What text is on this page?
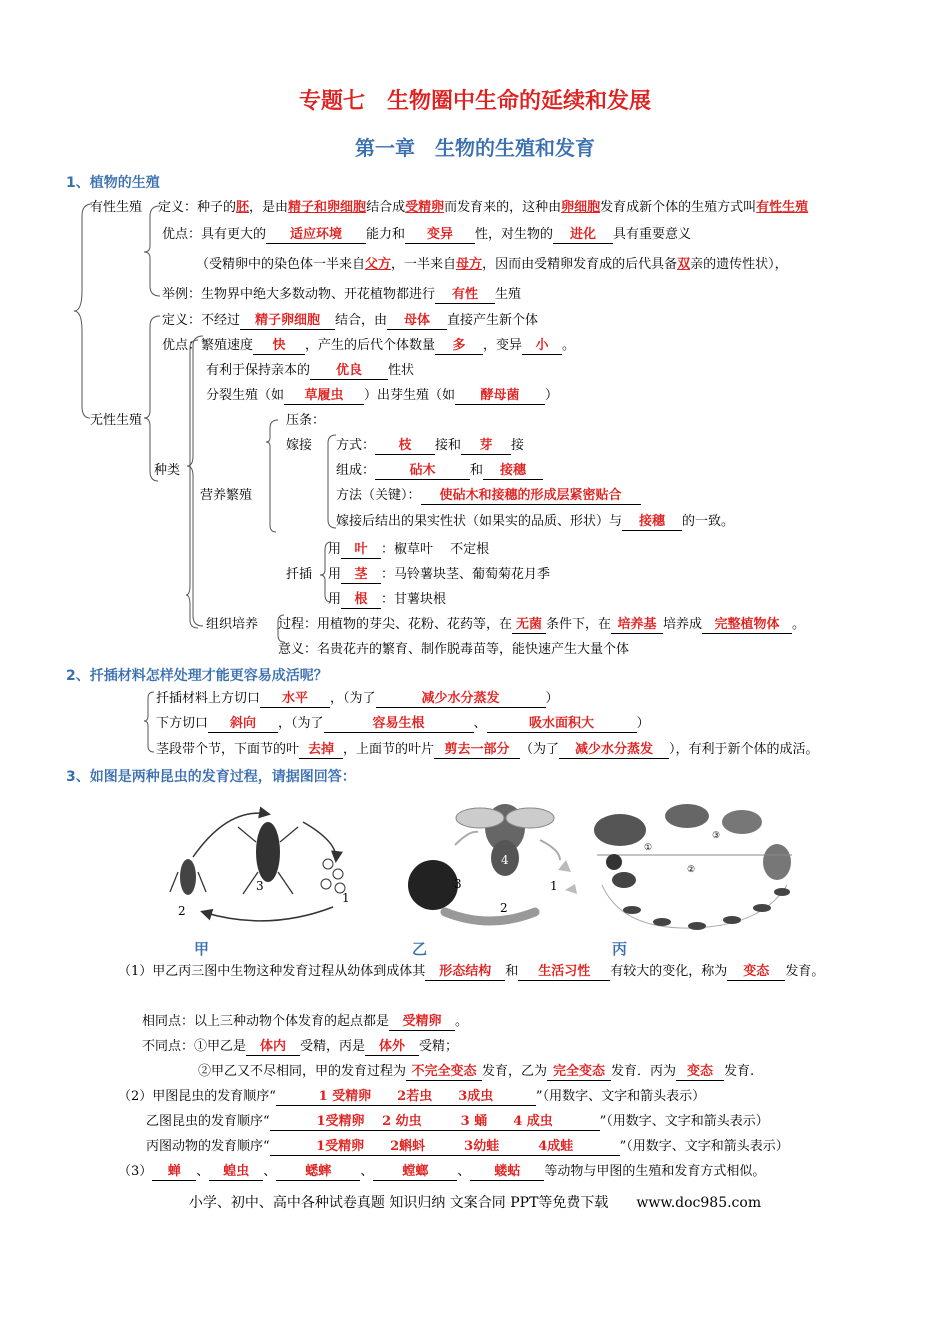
专题七　生物圈中生命的延续和发展
第一章　生物的生殖和发育
1、植物的生殖
有性生殖 定义：种子的胚，是由精子和卵细胞结合成受精卵而发育来的，这种由卵细胞发育成新个体的生殖方式叫有性生殖
优点：具有更大的 适应环境 能力和 变异 性，对生物的 进化 具有重要意义
（受精卵中的染色体一半来自父方，一半来自母方，因而由受精卵发育成的后代具备双亲的遗传性状），
举例：生物界中绝大多数动物、开花植物都进行 有性 生殖
无性生殖
定义：不经过 精子卵细胞 结合，由 母体 直接产生新个体
优点：繁殖速度 快 ，产生的后代个体数量 多 ，变异 小 。
有利于保持亲本的 优良 性状
种类
分裂生殖（如 草履虫 ）出芽生殖（如 酵母菌 ）
营养繁殖
压条：
嫁接 方式： 枝 接和 芽 接
组成：	砧木	和 接穗
方法（关键）： 使砧木和接穗的形成层紧密贴合
嫁接后结出的果实性状（如果实的品质、形状）与 接穗 的一致。
扦插
用 叶 ：椒草叶　 不定根
用 茎 ：马铃薯块茎、葡萄菊花月季
用 根 ：甘薯块根
组织培养 过程：用植物的芽尖、花粉、花药等，在 无菌 条件下，在 培养基 培养成 完整植物体 。
意义：名贵花卉的繁育、制作脱毒苗等，能快速产生大量个体
2、扦插材料怎样处理才能更容易成活呢？
扦插材料上方切口 水平 ，（为了	减少水分蒸发	）
下方切口 斜向 ，（为了	容易生根	、	吸水面积大	）
茎段带个节，下面节的叶 去掉 ，上面节的叶片 剪去一部分 （为了 减少水分蒸发 ），有利于新个体的成活。
3、如图是两种昆虫的发育过程，请据图回答：
2
3
1
3
4
2
1
①
②
③
甲	乙	丙
（1）甲乙丙三图中生物这种发育过程从幼体到成体其 形态结构 和 生活习性 有较大的变化，称为 变态 发育。
相同点：以上三种动物个体发育的起点都是 受精卵 。
不同点：①甲乙是 体内 受精，丙是 体外 受精；
②甲乙又不尽相同，甲的发育过程为 不完全变态 发育，乙为 完全变态 发育．丙为 变态 发育.
（2）甲图昆虫的发育顺序“	1 受精卵　　2若虫　　3成虫	”（用数字、文字和箭头表示）
乙图昆虫的发育顺序“	1受精卵　 2 幼虫　　　3 蛹　　4 成虫	”（用数字、文字和箭头表示）
丙图动物的发育顺序“	1受精卵　　2蝌蚪　　　3幼蛙　　　4成蛙	”（用数字、文字和箭头表示）
（3） 蝉 、 蝗虫 、 蟋蟀 、 螳螂 、 蝼蛄 等动物与甲图的生殖和发育方式相似。
小学、初中、高中各种试卷真题 知识归纳 文案合同 PPT等免费下载　　www.doc985.com
